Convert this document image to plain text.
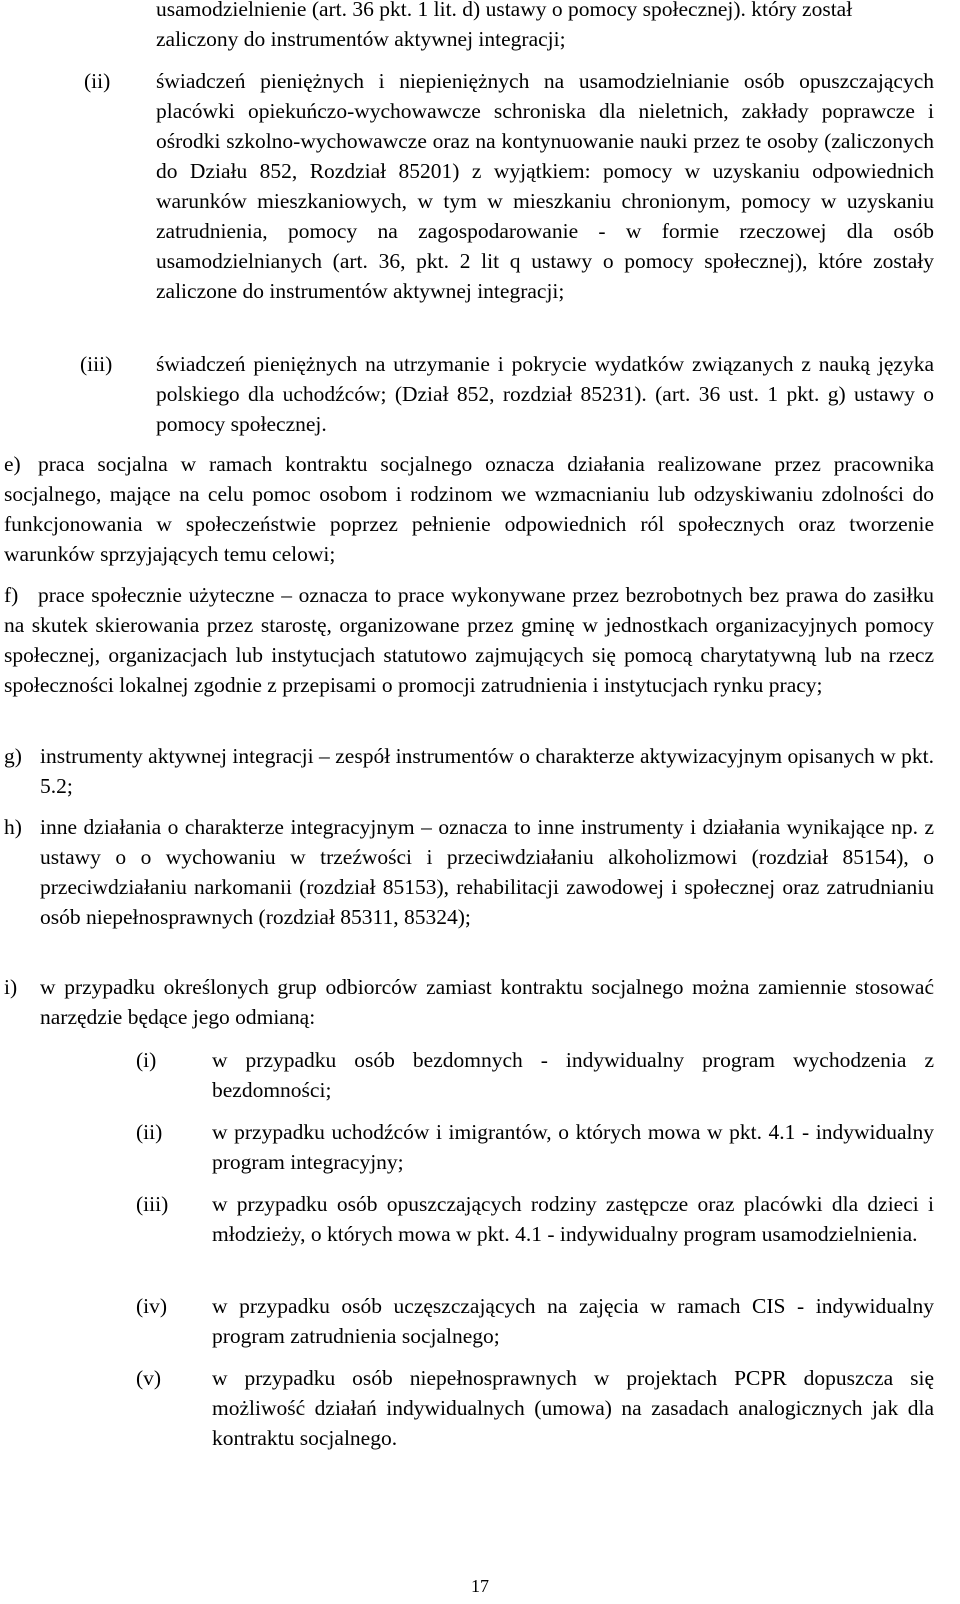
usamodzielnienie (art. 36 pkt. 1 lit. d) ustawy o pomocy społecznej). który został zaliczony do instrumentów aktywnej integracji;
(ii) świadczeń pieniężnych i niepieniężnych na usamodzielnianie osób opuszczających placówki opiekuńczo-wychowawcze schroniska dla nieletnich, zakłady poprawcze i ośrodki szkolno-wychowawcze oraz na kontynuowanie nauki przez te osoby (zaliczonych do Działu 852, Rozdział 85201) z wyjątkiem: pomocy w uzyskaniu odpowiednich warunków mieszkaniowych, w tym w mieszkaniu chronionym, pomocy w uzyskaniu zatrudnienia, pomocy na zagospodarowanie - w formie rzeczowej dla osób usamodzielnianych (art. 36, pkt. 2 lit q ustawy o pomocy społecznej), które zostały zaliczone do instrumentów aktywnej integracji;
(iii) świadczeń pieniężnych na utrzymanie i pokrycie wydatków związanych z nauką języka polskiego dla uchodźców; (Dział 852, rozdział 85231). (art. 36 ust. 1 pkt. g) ustawy o pomocy społecznej.
e) praca socjalna w ramach kontraktu socjalnego oznacza działania realizowane przez pracownika socjalnego, mające na celu pomoc osobom i rodzinom we wzmacnianiu lub odzyskiwaniu zdolności do funkcjonowania w społeczeństwie poprzez pełnienie odpowiednich ról społecznych oraz tworzenie warunków sprzyjających temu celowi;
f) prace społecznie użyteczne – oznacza to prace wykonywane przez bezrobotnych bez prawa do zasiłku na skutek skierowania przez starostę, organizowane przez gminę w jednostkach organizacyjnych pomocy społecznej, organizacjach lub instytucjach statutowo zajmujących się pomocą charytatywną lub na rzecz społeczności lokalnej zgodnie z przepisami o promocji zatrudnienia i instytucjach rynku pracy;
g) instrumenty aktywnej integracji – zespół instrumentów o charakterze aktywizacyjnym opisanych w pkt. 5.2;
h) inne działania o charakterze integracyjnym – oznacza to inne instrumenty i działania wynikające np. z ustawy o o wychowaniu w trzeźwości i przeciwdziałaniu alkoholizmowi (rozdział 85154), o przeciwdziałaniu narkomanii (rozdział 85153), rehabilitacji zawodowej i społecznej oraz zatrudnianiu osób niepełnosprawnych (rozdział 85311, 85324);
i) w przypadku określonych grup odbiorców zamiast kontraktu socjalnego można zamiennie stosować narzędzie będące jego odmianą:
(i)	w przypadku osób bezdomnych - indywidualny program wychodzenia z bezdomności;
(ii) w przypadku uchodźców i imigrantów, o których mowa w pkt. 4.1 - indywidualny program integracyjny;
(iii) w przypadku osób opuszczających rodziny zastępcze oraz placówki dla dzieci i młodzieży, o których mowa w pkt. 4.1 - indywidualny program usamodzielnienia.
(iv) w przypadku osób uczęszczających na zajęcia w ramach CIS - indywidualny program zatrudnienia socjalnego;
(v) w przypadku osób niepełnosprawnych w projektach PCPR dopuszcza się możliwość działań indywidualnych (umowa) na zasadach analogicznych jak dla kontraktu socjalnego.
17
